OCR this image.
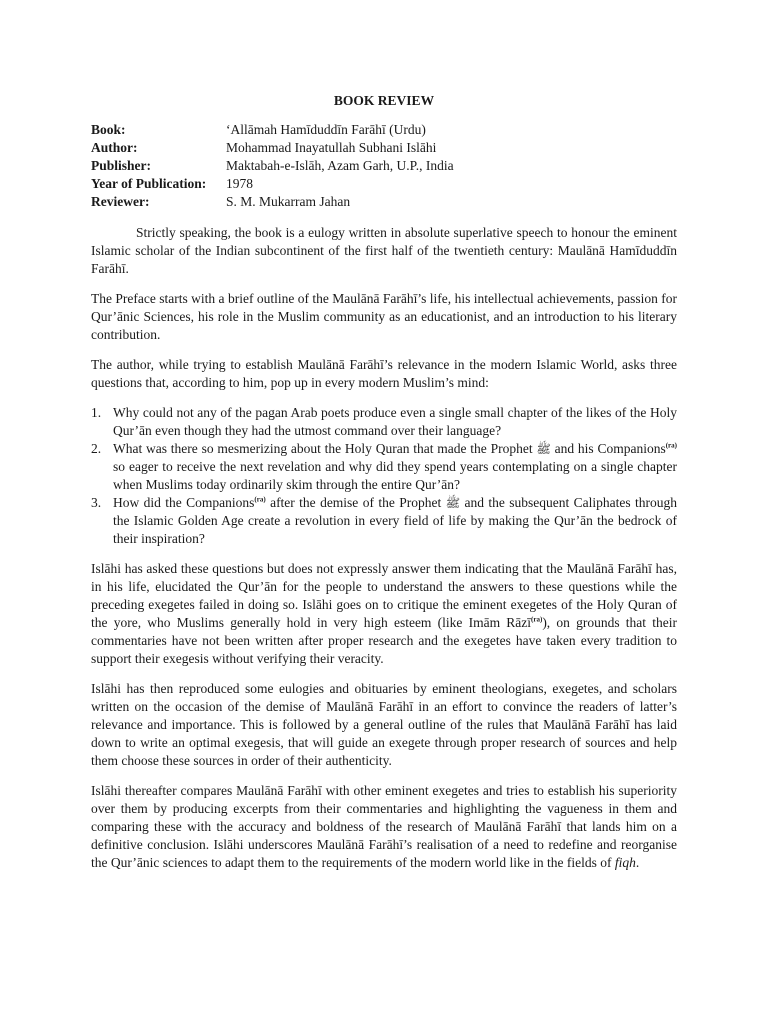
BOOK REVIEW
Book:	‘Allāmah Hamīduddīn Farāhī (Urdu)
Author:	Mohammad Inayatullah Subhani Islāhi
Publisher:	Maktabah-e-Islāh, Azam Garh, U.P., India
Year of Publication:	1978
Reviewer:	S. M. Mukarram Jahan

Strictly speaking, the book is a eulogy written in absolute superlative speech to honour the eminent Islamic scholar of the Indian subcontinent of the first half of the twentieth century: Maulānā Hamīduddīn Farāhī.

The Preface starts with a brief outline of the Maulānā Farāhī’s life, his intellectual achievements, passion for Qur’ānic Sciences, his role in the Muslim community as an educationist, and an introduction to his literary contribution.

The author, while trying to establish Maulānā Farāhī’s relevance in the modern Islamic World, asks three questions that, according to him, pop up in every modern Muslim’s mind:

1. Why could not any of the pagan Arab poets produce even a single small chapter of the likes of the Holy Qur’ān even though they had the utmost command over their language?
2. What was there so mesmerizing about the Holy Quran that made the Prophet ﷺ and his Companions$^{(ra)}$ so eager to receive the next revelation and why did they spend years contemplating on a single chapter when Muslims today ordinarily skim through the entire Qur’ān?
3. How did the Companions$^{(ra)}$ after the demise of the Prophet ﷺ and the subsequent Caliphates through the Islamic Golden Age create a revolution in every field of life by making the Qur’ān the bedrock of their inspiration?

Islāhi has asked these questions but does not expressly answer them indicating that the Maulānā Farāhī has, in his life, elucidated the Qur’ān for the people to understand the answers to these questions while the preceding exegetes failed in doing so. Islāhi goes on to critique the eminent exegetes of the Holy Quran of the yore, who Muslims generally hold in very high esteem (like Imām Rāzī$^{(ra)}$), on grounds that their commentaries have not been written after proper research and the exegetes have taken every tradition to support their exegesis without verifying their veracity.

Islāhi has then reproduced some eulogies and obituaries by eminent theologians, exegetes, and scholars written on the occasion of the demise of Maulānā Farāhī in an effort to convince the readers of latter’s relevance and importance. This is followed by a general outline of the rules that Maulānā Farāhī has laid down to write an optimal exegesis, that will guide an exegete through proper research of sources and help them choose these sources in order of their authenticity.

Islāhi thereafter compares Maulānā Farāhī with other eminent exegetes and tries to establish his superiority over them by producing excerpts from their commentaries and highlighting the vagueness in them and comparing these with the accuracy and boldness of the research of Maulānā Farāhī that lands him on a definitive conclusion. Islāhi underscores Maulānā Farāhī’s realisation of a need to redefine and reorganise the Qur’ānic sciences to adapt them to the requirements of the modern world like in the fields of fiqh.
